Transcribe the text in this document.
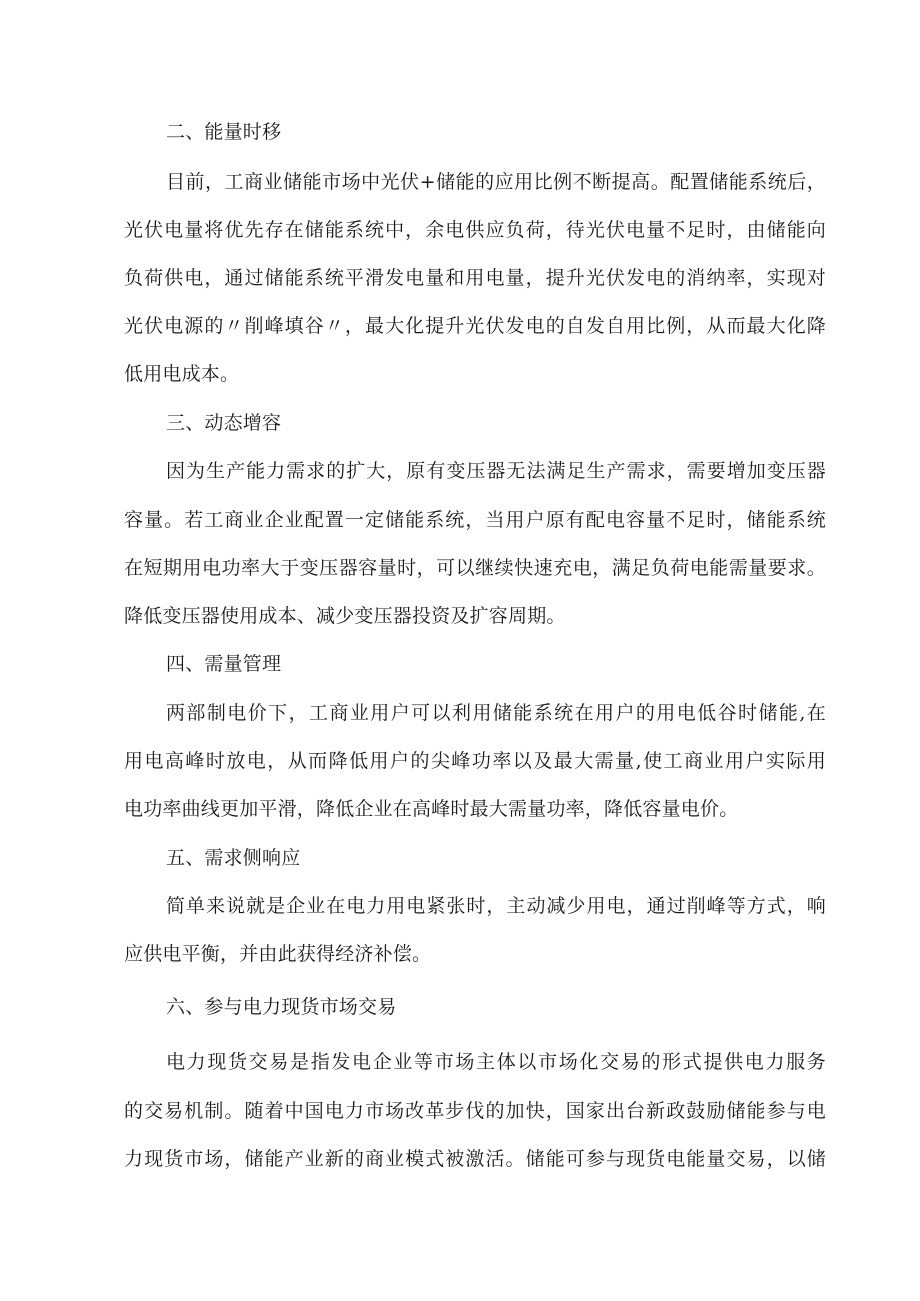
二、能量时移
目前，工商业储能市场中光伏+储能的应用比例不断提高。配置储能系统后，
光伏电量将优先存在储能系统中，余电供应负荷，待光伏电量不足时，由储能向
负荷供电，通过储能系统平滑发电量和用电量，提升光伏发电的消纳率，实现对
光伏电源的〃削峰填谷〃，最大化提升光伏发电的自发自用比例，从而最大化降
低用电成本。
三、动态增容
因为生产能力需求的扩大，原有变压器无法满足生产需求，需要增加变压器
容量。若工商业企业配置一定储能系统，当用户原有配电容量不足时，储能系统
在短期用电功率大于变压器容量时，可以继续快速充电，满足负荷电能需量要求。
降低变压器使用成本、减少变压器投资及扩容周期。
四、需量管理
两部制电价下，工商业用户可以利用储能系统在用户的用电低谷时储能,在
用电高峰时放电，从而降低用户的尖峰功率以及最大需量,使工商业用户实际用
电功率曲线更加平滑，降低企业在高峰时最大需量功率，降低容量电价。
五、需求侧响应
简单来说就是企业在电力用电紧张时，主动减少用电，通过削峰等方式，响
应供电平衡，并由此获得经济补偿。
六、参与电力现货市场交易
电力现货交易是指发电企业等市场主体以市场化交易的形式提供电力服务
的交易机制。随着中国电力市场改革步伐的加快，国家出台新政鼓励储能参与电
力现货市场，储能产业新的商业模式被激活。储能可参与现货电能量交易，以储
